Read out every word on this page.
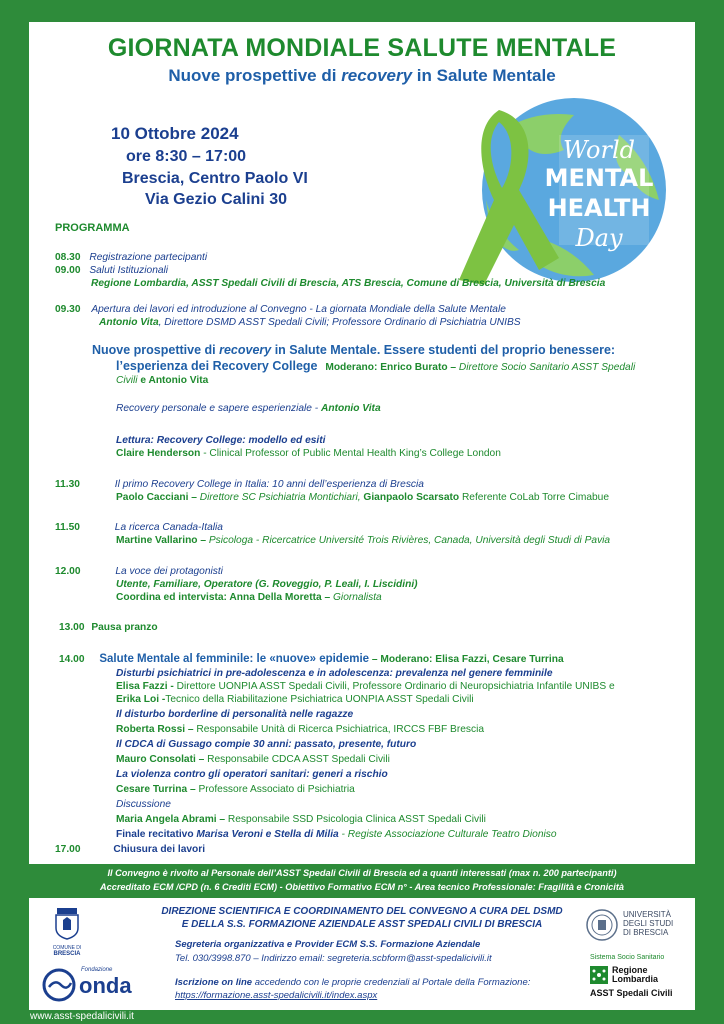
GIORNATA MONDIALE SALUTE MENTALE
Nuove prospettive di recovery in Salute Mentale
10 Ottobre 2024
ore 8:30 – 17:00
Brescia, Centro Paolo VI
Via Gezio Calini 30
World
MENTAL
HEALTH
Day
PROGRAMMA
08.30 Registrazione partecipanti
09.00 Saluti Istituzionali
Regione Lombardia, ASST Spedali Civili di Brescia, ATS Brescia, Comune di Brescia, Università di Brescia
09.30 Apertura dei lavori ed introduzione al Convegno - La giornata Mondiale della Salute Mentale
Antonio Vita, Direttore DSMD ASST Spedali Civili; Professore Ordinario di Psichiatria UNIBS
Nuove prospettive di recovery in Salute Mentale. Essere studenti del proprio benessere:
l’esperienza dei Recovery College Moderano: Enrico Burato – Direttore Socio Sanitario ASST Spedali
Civili e Antonio Vita
Recovery personale e sapere esperienziale - Antonio Vita
Lettura: Recovery College: modello ed esiti
Claire Henderson - Clinical Professor of Public Mental Health King’s College London
11.30	Il primo Recovery College in Italia: 10 anni dell’esperienza di Brescia
Paolo Cacciani – Direttore SC Psichiatria Montichiari, Gianpaolo Scarsato Referente CoLab Torre Cimabue
11.50	La ricerca Canada-Italia
Martine Vallarino – Psicologa - Ricercatrice Université Trois Rivières, Canada, Università degli Studi di Pavia
12.00	La voce dei protagonisti
Utente, Familiare, Operatore (G. Roveggio, P. Leali, I. Liscidini)
Coordina ed intervista: Anna Della Moretta – Giornalista
13.00 Pausa pranzo
14.00 Salute Mentale al femminile: le «nuove» epidemie – Moderano: Elisa Fazzi, Cesare Turrina
Disturbi psichiatrici in pre-adolescenza e in adolescenza: prevalenza nel genere femminile
Elisa Fazzi - Direttore UONPIA ASST Spedali Civili, Professore Ordinario di Neuropsichiatria Infantile UNIBS e
Erika Loi -Tecnico della Riabilitazione Psichiatrica UONPIA ASST Spedali Civili
Il disturbo borderline di personalità nelle ragazze
Roberta Rossi – Responsabile Unità di Ricerca Psichiatrica, IRCCS FBF Brescia
Il CDCA di Gussago compie 30 anni: passato, presente, futuro
Mauro Consolati – Responsabile CDCA ASST Spedali Civili
La violenza contro gli operatori sanitari: generi a rischio
Cesare Turrina – Professore Associato di Psichiatria
Discussione
Maria Angela Abrami – Responsabile SSD Psicologia Clinica ASST Spedali Civili
Finale recitativo Marisa Veroni e Stella di Milia - Registe Associazione Culturale Teatro Dioniso
17.00	Chiusura dei lavori
Il Convegno è rivolto al Personale dell’ASST Spedali Civili di Brescia ed a quanti interessati (max n. 200 partecipanti)
Accreditato ECM /CPD (n. 6 Crediti ECM) - Obiettivo Formativo ECM n° - Area tecnico Professionale: Fragilità e Cronicità
DIREZIONE SCIENTIFICA E COORDINAMENTO DEL CONVEGNO A CURA DEL DSMD
E DELLA S.S. FORMAZIONE AZIENDALE ASST SPEDALI CIVILI DI BRESCIA
Segreteria organizzativa e Provider ECM S.S. Formazione Aziendale
Tel. 030/3998.870 – Indirizzo email: segreteria.scbform@asst-spedalicivili.it
Iscrizione on line accedendo con le proprie credenziali al Portale della Formazione:
https://formazione.asst-spedalicivili.it/index.aspx
COMUNE DI
BRESCIA
Fondazione
onda
UNIVERSITÀ
DEGLI STUDI
DI BRESCIA
Sistema Socio Sanitario
Regione
Lombardia
ASST Spedali Civili
www.asst-spedalicivili.it
